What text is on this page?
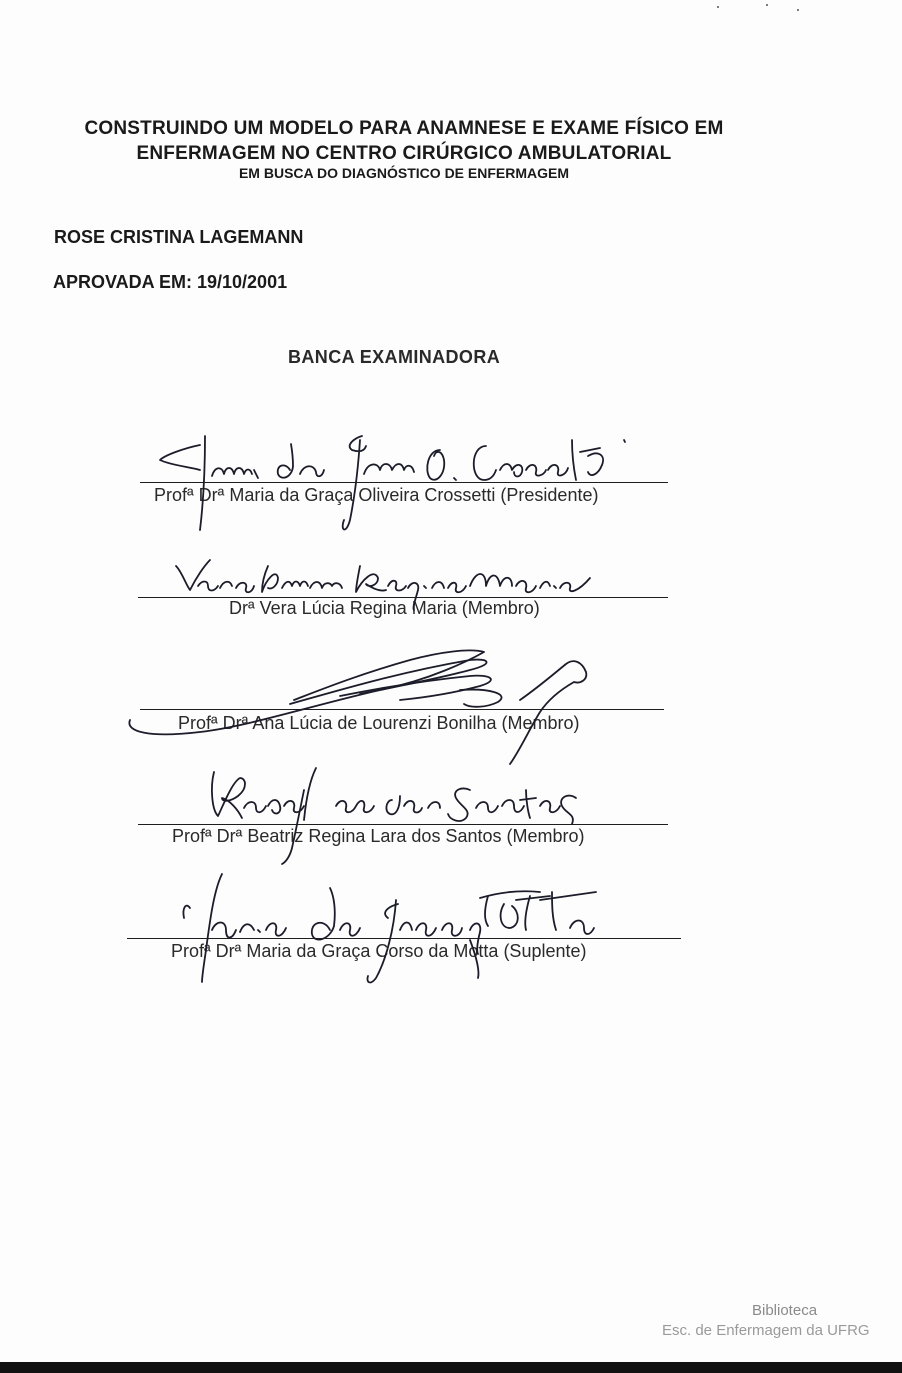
CONSTRUINDO UM MODELO PARA ANAMNESE E EXAME FÍSICO EM
ENFERMAGEM NO CENTRO CIRÚRGICO AMBULATORIAL
EM BUSCA DO DIAGNÓSTICO DE ENFERMAGEM
ROSE CRISTINA LAGEMANN
APROVADA EM: 19/10/2001
BANCA EXAMINADORA
Profª Drª Maria da Graça Oliveira Crossetti (Presidente)
Drª Vera Lúcia Regina Maria (Membro)
Profª Drª Ana Lúcia de Lourenzi Bonilha (Membro)
Profª Drª Beatriz Regina Lara dos Santos (Membro)
Profª Drª Maria da Graça Corso da Motta (Suplente)
Biblioteca
Esc. de Enfermagem da UFRG
